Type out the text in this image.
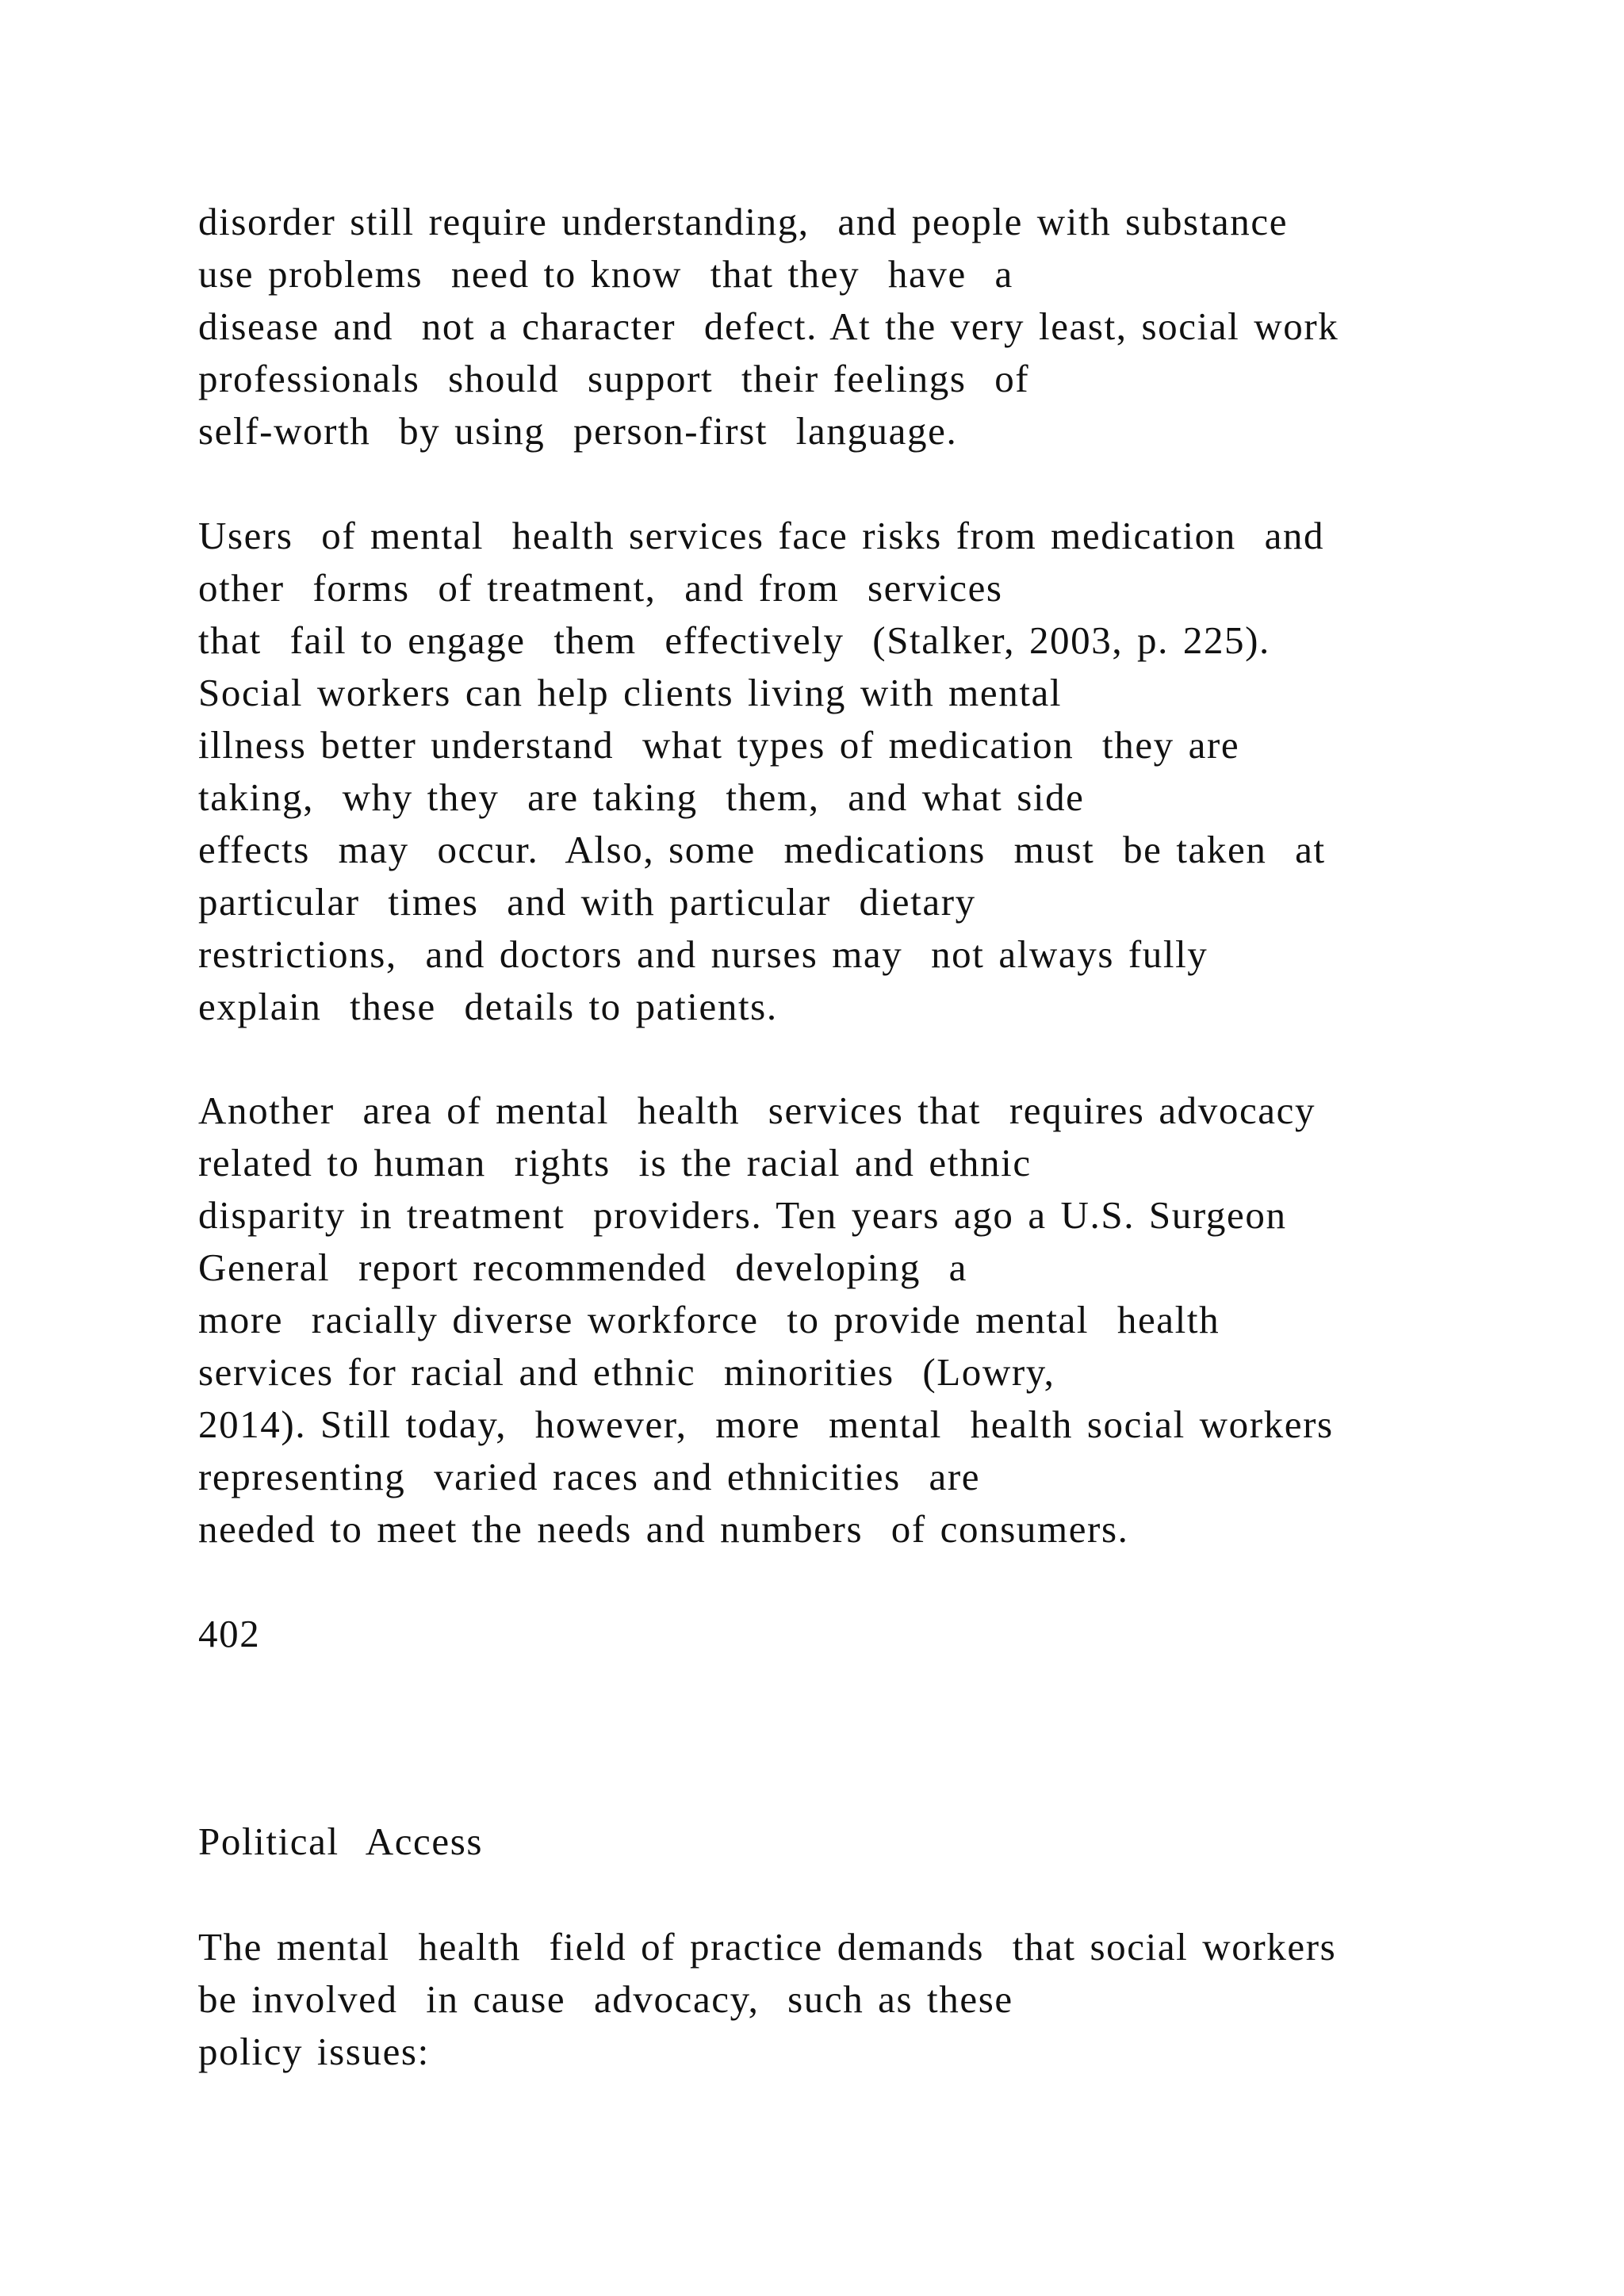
disorder still require understanding,  and people with substance

use problems  need to know  that they  have  a

disease and  not a character  defect. At the very least, social work

professionals  should  support  their feelings  of

self-worth  by using  person-first  language.

Users  of mental  health services face risks from medication  and

other  forms  of treatment,  and from  services

that  fail to engage  them  effectively  (Stalker, 2003, p. 225).

Social workers can help clients living with mental

illness better understand  what types of medication  they are

taking,  why they  are taking  them,  and what side

effects  may  occur.  Also, some  medications  must  be taken  at

particular  times  and with particular  dietary

restrictions,  and doctors and nurses may  not always fully

explain  these  details to patients.

Another  area of mental  health  services that  requires advocacy

related to human  rights  is the racial and ethnic

disparity in treatment  providers. Ten years ago a U.S. Surgeon

General  report recommended  developing  a

more  racially diverse workforce  to provide mental  health

services for racial and ethnic  minorities  (Lowry,

2014). Still today,  however,  more  mental  health social workers

representing  varied races and ethnicities  are

needed to meet the needs and numbers  of consumers.

402

Political  Access

The mental  health  field of practice demands  that social workers

be involved  in cause  advocacy,  such as these

policy issues:
